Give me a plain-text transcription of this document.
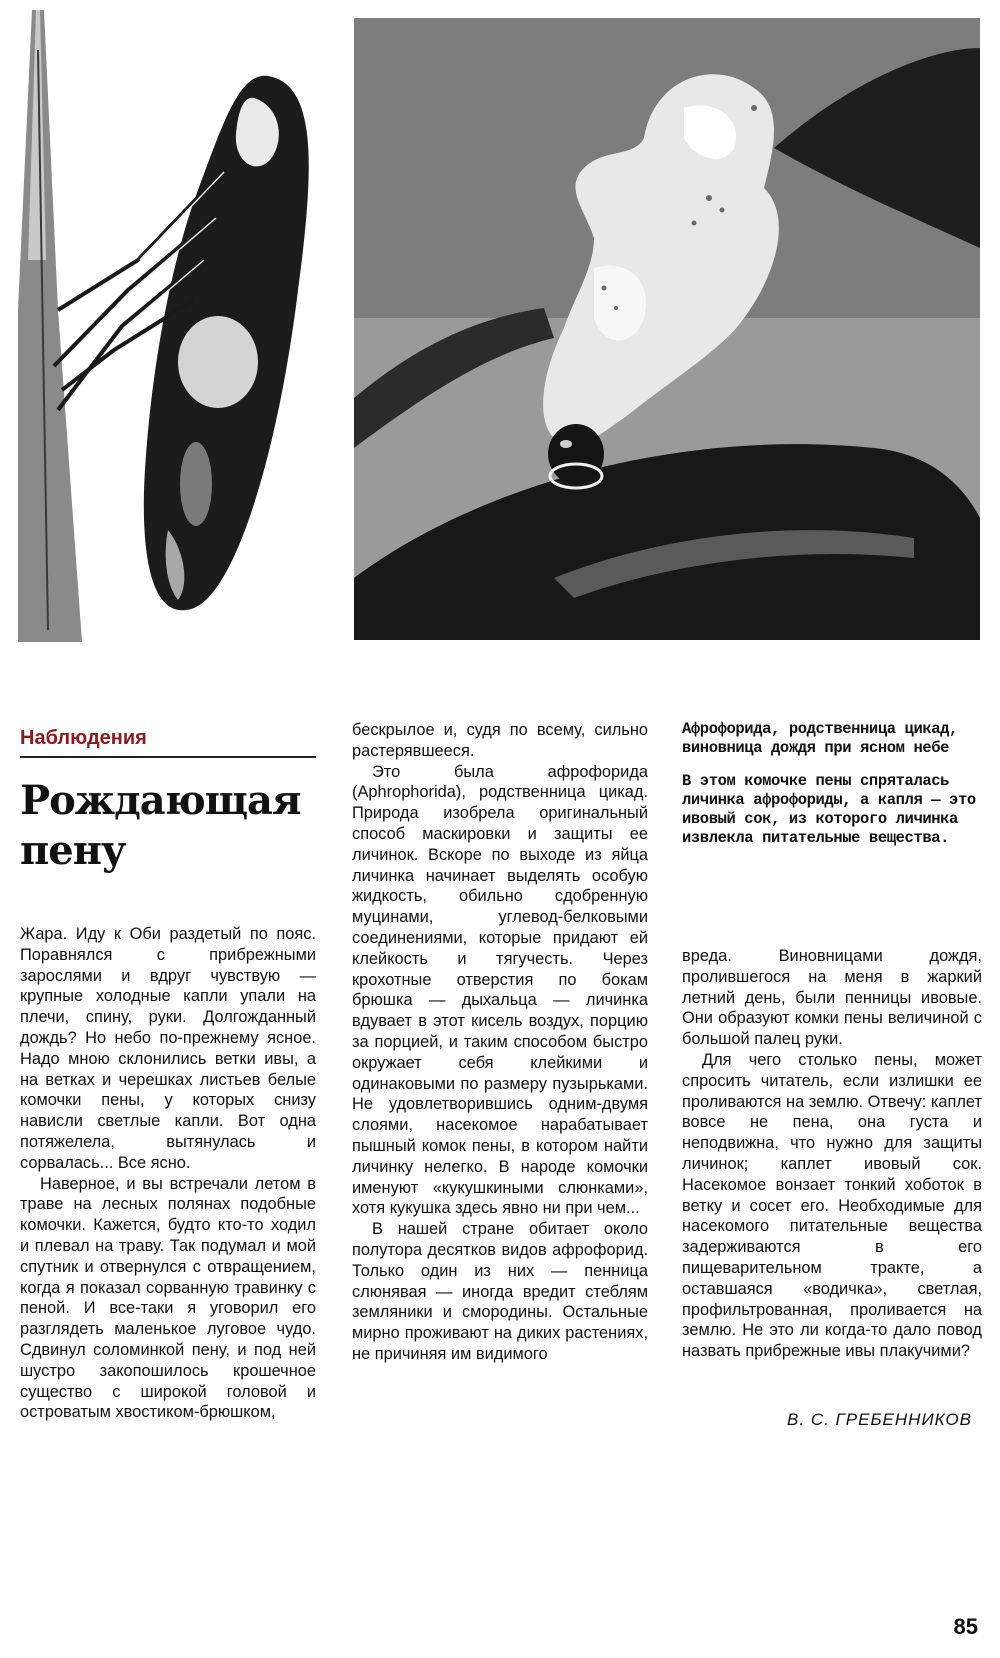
Наблюдения
Рождающая
пену

Жара. Иду к Оби раздетый по пояс. Поравнялся с прибрежными зарослями и вдруг чувствую — крупные холодные капли упали на плечи, спину, руки. Долгожданный дождь? Но небо по-прежнему ясное. Надо мною склонились ветки ивы, а на ветках и черешках листьев белые комочки пены, у которых снизу нависли светлые капли. Вот одна потяжелела, вытянулась и сорвалась... Все ясно.

Наверное, и вы встречали летом в траве на лесных полянах подобные комочки. Кажется, будто кто-то ходил и плевал на траву. Так подумал и мой спутник и отвернулся с отвращением, когда я показал сорванную травинку с пеной. И все-таки я уговорил его разглядеть маленькое луговое чудо. Сдвинул соломинкой пену, и под ней шустро закопошилось крошечное существо с широкой головой и островатым хвостиком-брюшком,

бескрылое и, судя по всему, сильно растерявшееся.

Это была афрофорида (Aphrophorida), родственница цикад. Природа изобрела оригинальный способ маскировки и защиты ее личинок. Вскоре по выходе из яйца личинка начинает выделять особую жидкость, обильно сдобренную муцинами, углевод-белковыми соединениями, которые придают ей клейкость и тягучесть. Через крохотные отверстия по бокам брюшка — дыхальца — личинка вдувает в этот кисель воздух, порцию за порцией, и таким способом быстро окружает себя клейкими и одинаковыми по размеру пузырьками. Не удовлетворившись одним-двумя слоями, насекомое нарабатывает пышный комок пены, в котором найти личинку нелегко. В народе комочки именуют «кукушкиными слюнками», хотя кукушка здесь явно ни при чем...

В нашей стране обитает около полутора десятков видов афрофорид. Только один из них — пенница слюнявая — иногда вредит стеблям земляники и смородины. Остальные мирно проживают на диких растениях, не причиняя им видимого

Афрофорида, родственница цикад, виновница дождя при ясном небе
В этом комочке пены спряталась личинка афрофориды, а капля — это ивовый сок, из которого личинка извлекла питательные вещества.

вреда. Виновницами дождя, пролившегося на меня в жаркий летний день, были пенницы ивовые. Они образуют комки пены величиной с большой палец руки.

Для чего столько пены, может спросить читатель, если излишки ее проливаются на землю. Отвечу: каплет вовсе не пена, она густа и неподвижна, что нужно для защиты личинок; каплет ивовый сок. Насекомое вонзает тонкий хоботок в ветку и сосет его. Необходимые для насекомого питательные вещества задерживаются в его пищеварительном тракте, а оставшаяся «водичка», светлая, профильтрованная, проливается на землю. Не это ли когда-то дало повод назвать прибрежные ивы плакучими?

В. С. ГРЕБЕННИКОВ
85
